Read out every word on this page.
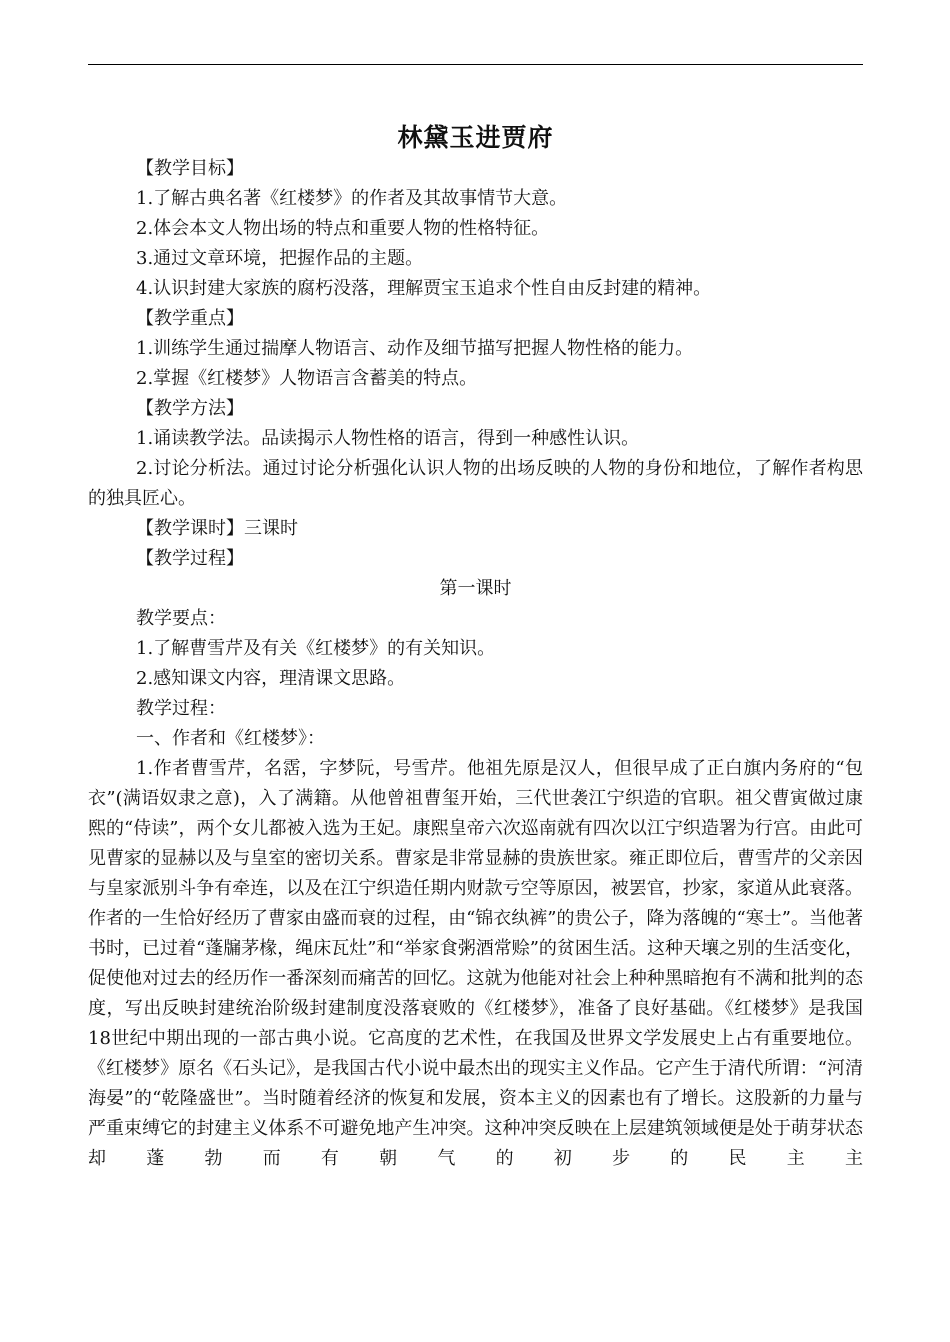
林黛玉进贾府

【教学目标】

1.了解古典名著《红楼梦》的作者及其故事情节大意。

2.体会本文人物出场的特点和重要人物的性格特征。

3.通过文章环境，把握作品的主题。

4.认识封建大家族的腐朽没落，理解贾宝玉追求个性自由反封建的精神。

【教学重点】

1.训练学生通过揣摩人物语言、动作及细节描写把握人物性格的能力。

2.掌握《红楼梦》人物语言含蓄美的特点。

【教学方法】

1.诵读教学法。品读揭示人物性格的语言，得到一种感性认识。

2.讨论分析法。通过讨论分析强化认识人物的出场反映的人物的身份和地位，了解作者构思的独具匠心。

【教学课时】三课时

【教学过程】

第一课时

教学要点：

1.了解曹雪芹及有关《红楼梦》的有关知识。

2.感知课文内容，理清课文思路。

教学过程：

一、作者和《红楼梦》：

1.作者曹雪芹，名霑，字梦阮，号雪芹。他祖先原是汉人，但很早成了正白旗内务府的“包衣”(满语奴隶之意)，入了满籍。从他曾祖曹玺开始，三代世袭江宁织造的官职。祖父曹寅做过康熙的“侍读”，两个女儿都被入选为王妃。康熙皇帝六次巡南就有四次以江宁织造署为行宫。由此可见曹家的显赫以及与皇室的密切关系。曹家是非常显赫的贵族世家。雍正即位后，曹雪芹的父亲因与皇家派别斗争有牵连，以及在江宁织造任期内财款亏空等原因，被罢官，抄家，家道从此衰落。作者的一生恰好经历了曹家由盛而衰的过程，由“锦衣纨裤”的贵公子，降为落魄的“寒士”。当他著书时，已过着“蓬牖茅椽，绳床瓦灶”和“举家食粥酒常赊”的贫困生活。这种天壤之别的生活变化，促使他对过去的经历作一番深刻而痛苦的回忆。这就为他能对社会上种种黑暗抱有不满和批判的态度，写出反映封建统治阶级封建制度没落衰败的《红楼梦》，准备了良好基础。《红楼梦》是我国18世纪中期出现的一部古典小说。它高度的艺术性，在我国及世界文学发展史上占有重要地位。《红楼梦》原名《石头记》，是我国古代小说中最杰出的现实主义作品。它产生于清代所谓：“河清海晏”的“乾隆盛世”。当时随着经济的恢复和发展，资本主义的因素也有了增长。这股新的力量与严重束缚它的封建主义体系不可避免地产生冲突。这种冲突反映在上层建筑领域便是处于萌芽状态却蓬勃而有朝气的初步的民主主
